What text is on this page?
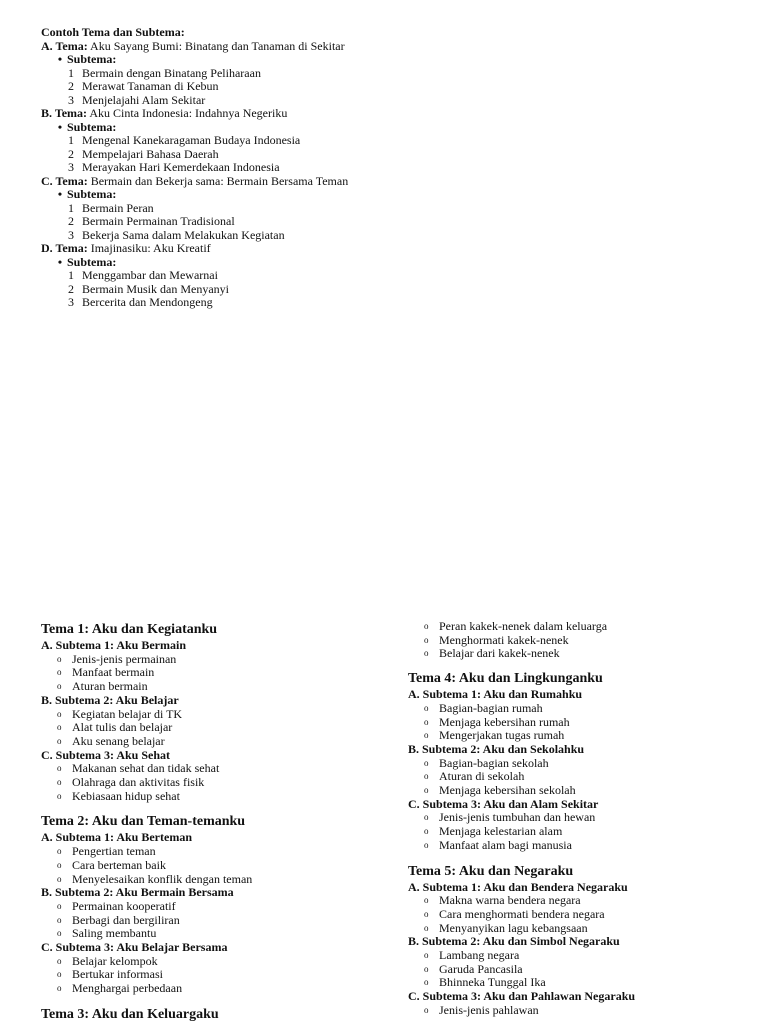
Contoh Tema dan Subtema:
A. Tema: Aku Sayang Bumi: Binatang dan Tanaman di Sekitar
• Subtema:
1 Bermain dengan Binatang Peliharaan
2 Merawat Tanaman di Kebun
3 Menjelajahi Alam Sekitar
B. Tema: Aku Cinta Indonesia: Indahnya Negeriku
• Subtema:
1 Mengenal Kanekaragaman Budaya Indonesia
2 Mempelajari Bahasa Daerah
3 Merayakan Hari Kemerdekaan Indonesia
C. Tema: Bermain dan Bekerja sama: Bermain Bersama Teman
• Subtema:
1 Bermain Peran
2 Bermain Permainan Tradisional
3 Bekerja Sama dalam Melakukan Kegiatan
D. Tema: Imajinasiku: Aku Kreatif
• Subtema:
1 Menggambar dan Mewarnai
2 Bermain Musik dan Menyanyi
3 Bercerita dan Mendongeng
Tema 1: Aku dan Kegiatanku
A. Subtema 1: Aku Bermain
o Jenis-jenis permainan
o Manfaat bermain
o Aturan bermain
B. Subtema 2: Aku Belajar
o Kegiatan belajar di TK
o Alat tulis dan belajar
o Aku senang belajar
C. Subtema 3: Aku Sehat
o Makanan sehat dan tidak sehat
o Olahraga dan aktivitas fisik
o Kebiasaan hidup sehat
Tema 2: Aku dan Teman-temanku
A. Subtema 1: Aku Berteman
o Pengertian teman
o Cara berteman baik
o Menyelesaikan konflik dengan teman
B. Subtema 2: Aku Bermain Bersama
o Permainan kooperatif
o Berbagi dan bergiliran
o Saling membantu
C. Subtema 3: Aku Belajar Bersama
o Belajar kelompok
o Bertukar informasi
o Menghargai perbedaan
Tema 3: Aku dan Keluargaku
o Peran kakek-nenek dalam keluarga
o Menghormati kakek-nenek
o Belajar dari kakek-nenek
Tema 4: Aku dan Lingkunganku
A. Subtema 1: Aku dan Rumahku
o Bagian-bagian rumah
o Menjaga kebersihan rumah
o Mengerjakan tugas rumah
B. Subtema 2: Aku dan Sekolahku
o Bagian-bagian sekolah
o Aturan di sekolah
o Menjaga kebersihan sekolah
C. Subtema 3: Aku dan Alam Sekitar
o Jenis-jenis tumbuhan dan hewan
o Menjaga kelestarian alam
o Manfaat alam bagi manusia
Tema 5: Aku dan Negaraku
A. Subtema 1: Aku dan Bendera Negaraku
o Makna warna bendera negara
o Cara menghormati bendera negara
o Menyanyikan lagu kebangsaan
B. Subtema 2: Aku dan Simbol Negaraku
o Lambang negara
o Garuda Pancasila
o Bhinneka Tunggal Ika
C. Subtema 3: Aku dan Pahlawan Negaraku
o Jenis-jenis pahlawan
